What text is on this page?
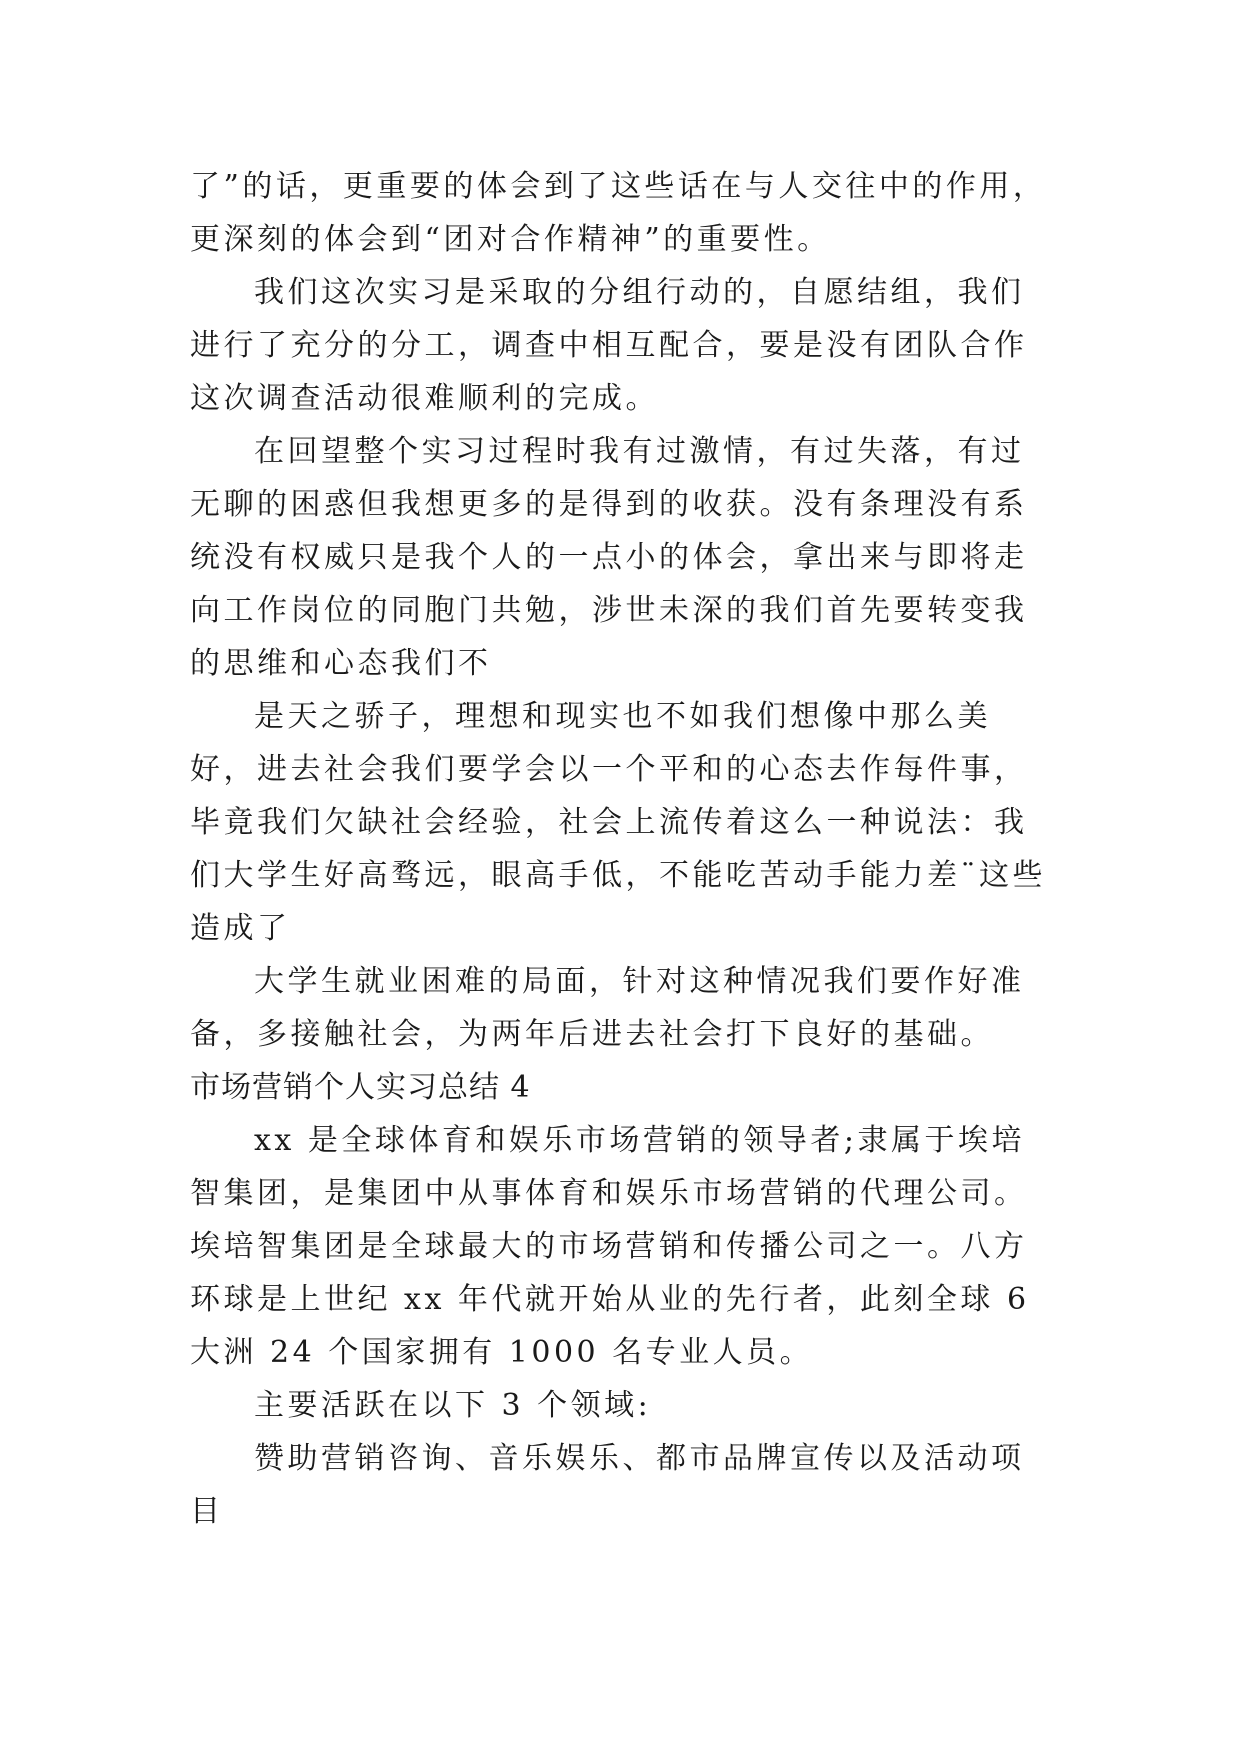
了”的话，更重要的体会到了这些话在与人交往中的作用，更深刻的体会到“团对合作精神”的重要性。

我们这次实习是采取的分组行动的，自愿结组，我们进行了充分的分工，调查中相互配合，要是没有团队合作这次调查活动很难顺利的完成。

在回望整个实习过程时我有过激情，有过失落，有过无聊的困惑但我想更多的是得到的收获。没有条理没有系统没有权威只是我个人的一点小的体会，拿出来与即将走向工作岗位的同胞门共勉，涉世未深的我们首先要转变我的思维和心态我们不

是天之骄子，理想和现实也不如我们想像中那么美好，进去社会我们要学会以一个平和的心态去作每件事，毕竟我们欠缺社会经验，社会上流传着这么一种说法：我们大学生好高骛远，眼高手低，不能吃苦动手能力差¨这些造成了

大学生就业困难的局面，针对这种情况我们要作好准备，多接触社会，为两年后进去社会打下良好的基础。

市场营销个人实习总结 4

xx 是全球体育和娱乐市场营销的领导者;隶属于埃培智集团，是集团中从事体育和娱乐市场营销的代理公司。埃培智集团是全球最大的市场营销和传播公司之一。八方环球是上世纪 xx 年代就开始从业的先行者，此刻全球 6 大洲 24 个国家拥有 1000 名专业人员。

主要活跃在以下 3 个领域:

赞助营销咨询、音乐娱乐、都市品牌宣传以及活动项目
